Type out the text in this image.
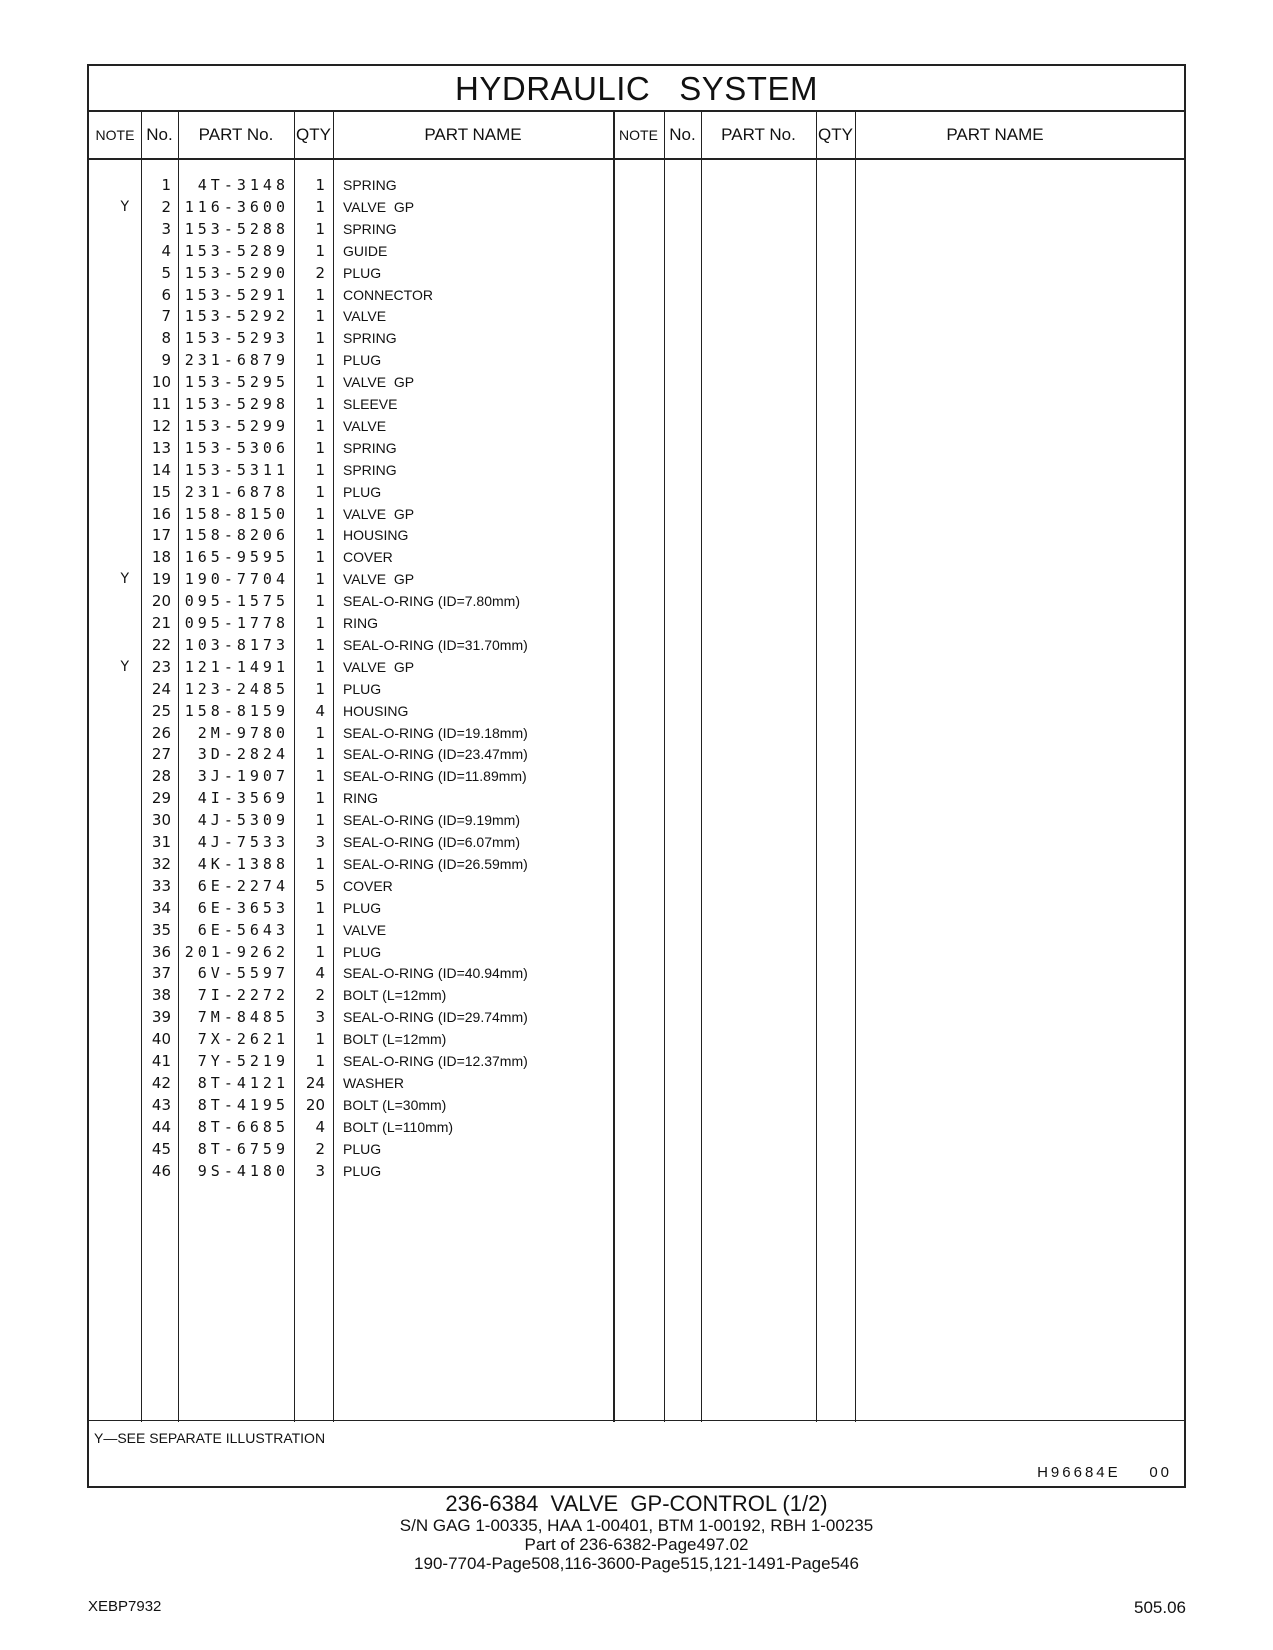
HYDRAULIC   SYSTEM
NOTE No.	PART No.	QTY	PART NAME	NOTE No.	PART No.	QTY	PART NAME
1	4T-3148	1 SPRING
Y	2 116-3600	1 VALVE  GP
3 153-5288	1 SPRING
4 153-5289	1 GUIDE
5 153-5290	2 PLUG
6 153-5291	1 CONNECTOR
7 153-5292	1 VALVE
8 153-5293	1 SPRING
9 231-6879	1 PLUG
10 153-5295	1 VALVE  GP
11 153-5298	1 SLEEVE
12 153-5299	1 VALVE
13 153-5306	1 SPRING
14 153-5311	1 SPRING
15 231-6878	1 PLUG
16 158-8150	1 VALVE  GP
17 158-8206	1 HOUSING
18 165-9595	1 COVER
Y	19 190-7704	1 VALVE  GP
20 095-1575	1 SEAL-O-RING (ID=7.80mm)
21 095-1778	1 RING
22 103-8173	1 SEAL-O-RING (ID=31.70mm)
Y	23 121-1491	1 VALVE  GP
24 123-2485	1 PLUG
25 158-8159	4 HOUSING
26	2M-9780	1 SEAL-O-RING (ID=19.18mm)
27	3D-2824	1 SEAL-O-RING (ID=23.47mm)
28	3J-1907	1 SEAL-O-RING (ID=11.89mm)
29	4I-3569	1 RING
30	4J-5309	1 SEAL-O-RING (ID=9.19mm)
31	4J-7533	3 SEAL-O-RING (ID=6.07mm)
32	4K-1388	1 SEAL-O-RING (ID=26.59mm)
33	6E-2274	5 COVER
34	6E-3653	1 PLUG
35	6E-5643	1 VALVE
36 201-9262	1 PLUG
37	6V-5597	4 SEAL-O-RING (ID=40.94mm)
38	7I-2272	2 BOLT (L=12mm)
39	7M-8485	3 SEAL-O-RING (ID=29.74mm)
40	7X-2621	1 BOLT (L=12mm)
41	7Y-5219	1 SEAL-O-RING (ID=12.37mm)
42	8T-4121	24 WASHER
43	8T-4195	20 BOLT (L=30mm)
44	8T-6685	4 BOLT (L=110mm)
45	8T-6759	2 PLUG
46	9S-4180	3 PLUG
Y—SEE SEPARATE ILLUSTRATION
H96684E    00
236-6384  VALVE  GP-CONTROL (1/2)
S/N GAG 1-00335, HAA 1-00401, BTM 1-00192, RBH 1-00235
Part of 236-6382-Page497.02
190-7704-Page508,116-3600-Page515,121-1491-Page546
XEBP7932	505.06
